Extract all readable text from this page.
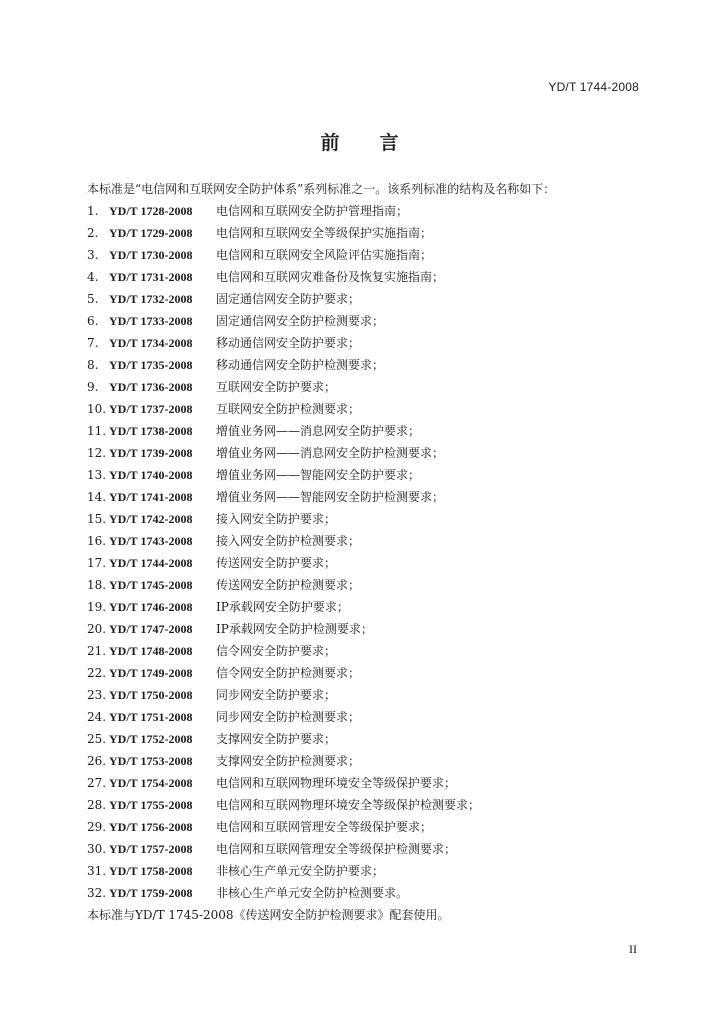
YD/T 1744-2008
前言
本标准是“电信网和互联网安全防护体系”系列标准之一。该系列标准的结构及名称如下：
1. YD/T 1728-2008	电信网和互联网安全防护管理指南；
2. YD/T 1729-2008	电信网和互联网安全等级保护实施指南；
3. YD/T 1730-2008	电信网和互联网安全风险评估实施指南；
4. YD/T 1731-2008	电信网和互联网灾难备份及恢复实施指南；
5. YD/T 1732-2008	固定通信网安全防护要求；
6. YD/T 1733-2008	固定通信网安全防护检测要求；
7. YD/T 1734-2008	移动通信网安全防护要求；
8. YD/T 1735-2008	移动通信网安全防护检测要求；
9. YD/T 1736-2008	互联网安全防护要求；
10. YD/T 1737-2008	互联网安全防护检测要求；
11. YD/T 1738-2008	增值业务网——消息网安全防护要求；
12. YD/T 1739-2008	增值业务网——消息网安全防护检测要求；
13. YD/T 1740-2008	增值业务网——智能网安全防护要求；
14. YD/T 1741-2008	增值业务网——智能网安全防护检测要求；
15. YD/T 1742-2008	接入网安全防护要求；
16. YD/T 1743-2008	接入网安全防护检测要求；
17. YD/T 1744-2008	传送网安全防护要求；
18. YD/T 1745-2008	传送网安全防护检测要求；
19. YD/T 1746-2008	IP承载网安全防护要求；
20. YD/T 1747-2008	IP承载网安全防护检测要求；
21. YD/T 1748-2008	信令网安全防护要求；
22. YD/T 1749-2008	信令网安全防护检测要求；
23. YD/T 1750-2008	同步网安全防护要求；
24. YD/T 1751-2008	同步网安全防护检测要求；
25. YD/T 1752-2008	支撑网安全防护要求；
26. YD/T 1753-2008	支撑网安全防护检测要求；
27. YD/T 1754-2008	电信网和互联网物理环境安全等级保护要求；
28. YD/T 1755-2008	电信网和互联网物理环境安全等级保护检测要求；
29. YD/T 1756-2008	电信网和互联网管理安全等级保护要求；
30. YD/T 1757-2008	电信网和互联网管理安全等级保护检测要求；
31. YD/T 1758-2008	非核心生产单元安全防护要求；
32. YD/T 1759-2008	非核心生产单元安全防护检测要求。
本标准与YD/T 1745-2008《传送网安全防护检测要求》配套使用。
II
